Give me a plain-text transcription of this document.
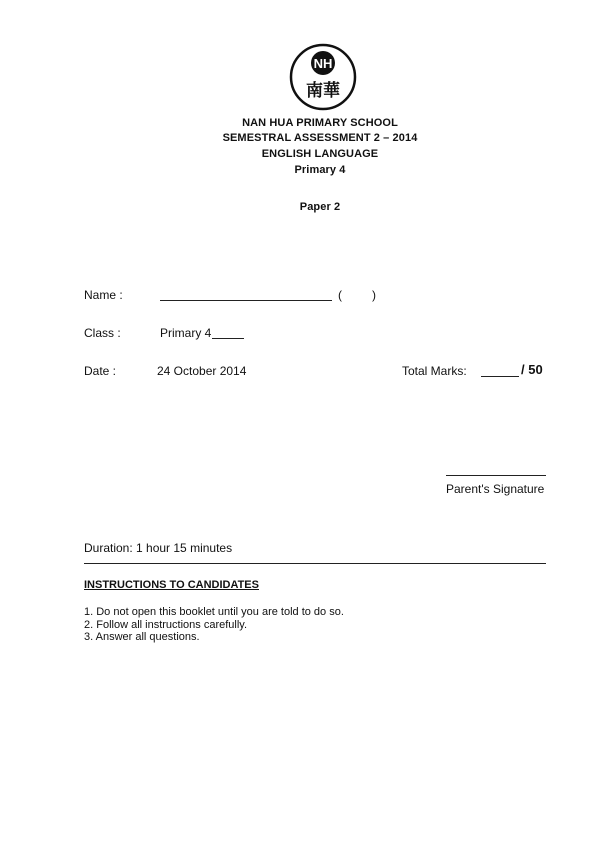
NH
南華
NAN HUA PRIMARY SCHOOL
SEMESTRAL ASSESSMENT 2 – 2014
ENGLISH LANGUAGE
Primary 4
Paper 2
Name :	(	)
Class :	Primary 4
Date :	24 October 2014	Total Marks:	/ 50
Parent's Signature
Duration: 1 hour 15 minutes
INSTRUCTIONS TO CANDIDATES
1. Do not open this booklet until you are told to do so.
2. Follow all instructions carefully.
3. Answer all questions.
